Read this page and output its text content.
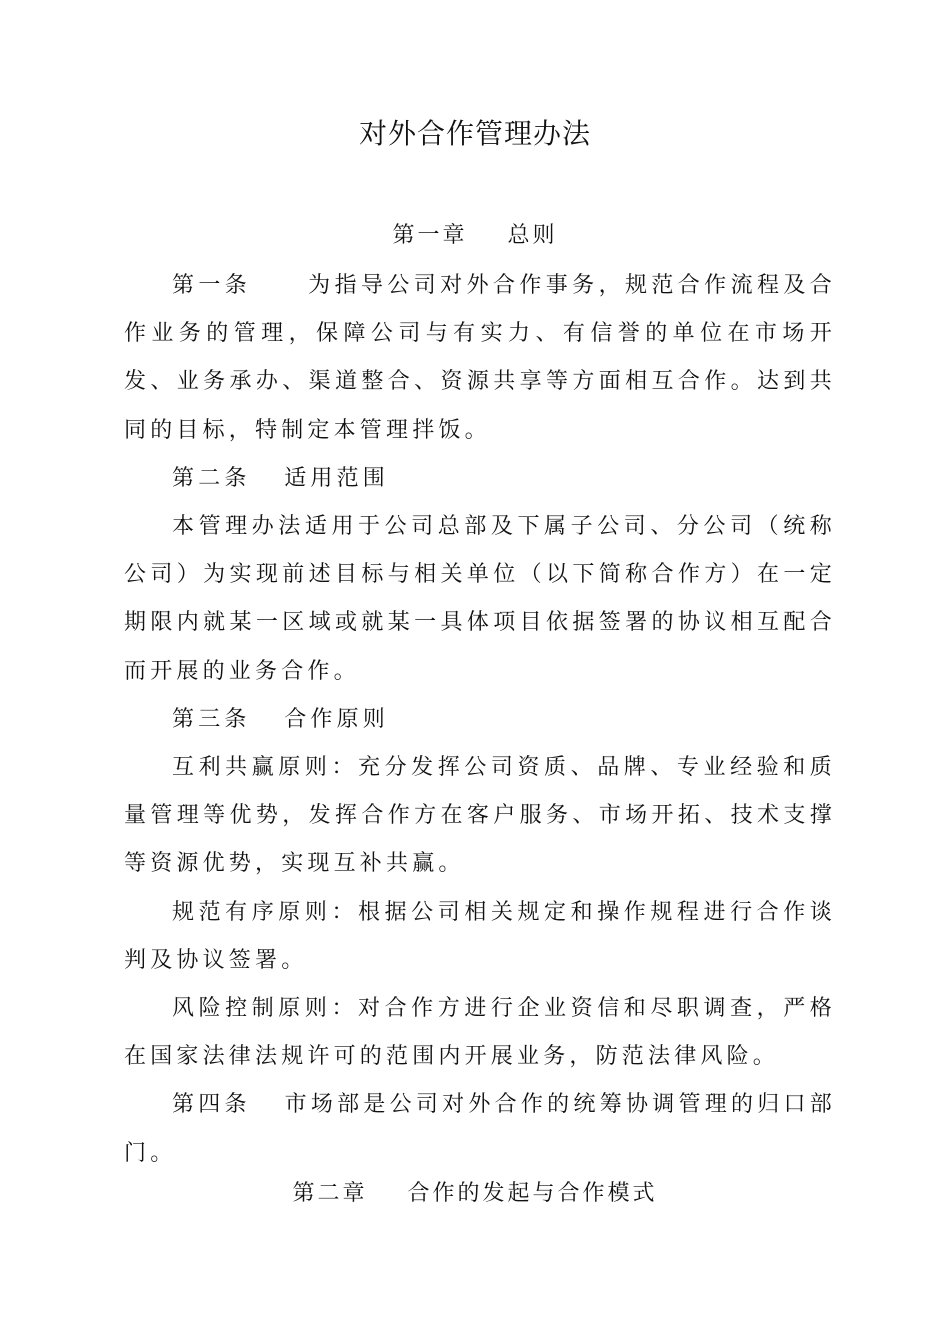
对外合作管理办法
第一章    总则

第一条     为指导公司对外合作事务，规范合作流程及合作业务的管理，保障公司与有实力、有信誉的单位在市场开发、业务承办、渠道整合、资源共享等方面相互合作。达到共同的目标，特制定本管理拌饭。

第二条   适用范围

本管理办法适用于公司总部及下属子公司、分公司（统称公司）为实现前述目标与相关单位（以下简称合作方）在一定期限内就某一区域或就某一具体项目依据签署的协议相互配合而开展的业务合作。

第三条   合作原则

互利共赢原则：充分发挥公司资质、品牌、专业经验和质量管理等优势，发挥合作方在客户服务、市场开拓、技术支撑等资源优势，实现互补共赢。

规范有序原则：根据公司相关规定和操作规程进行合作谈判及协议签署。

风险控制原则：对合作方进行企业资信和尽职调查，严格在国家法律法规许可的范围内开展业务，防范法律风险。

第四条   市场部是公司对外合作的统筹协调管理的归口部门。

第二章    合作的发起与合作模式
